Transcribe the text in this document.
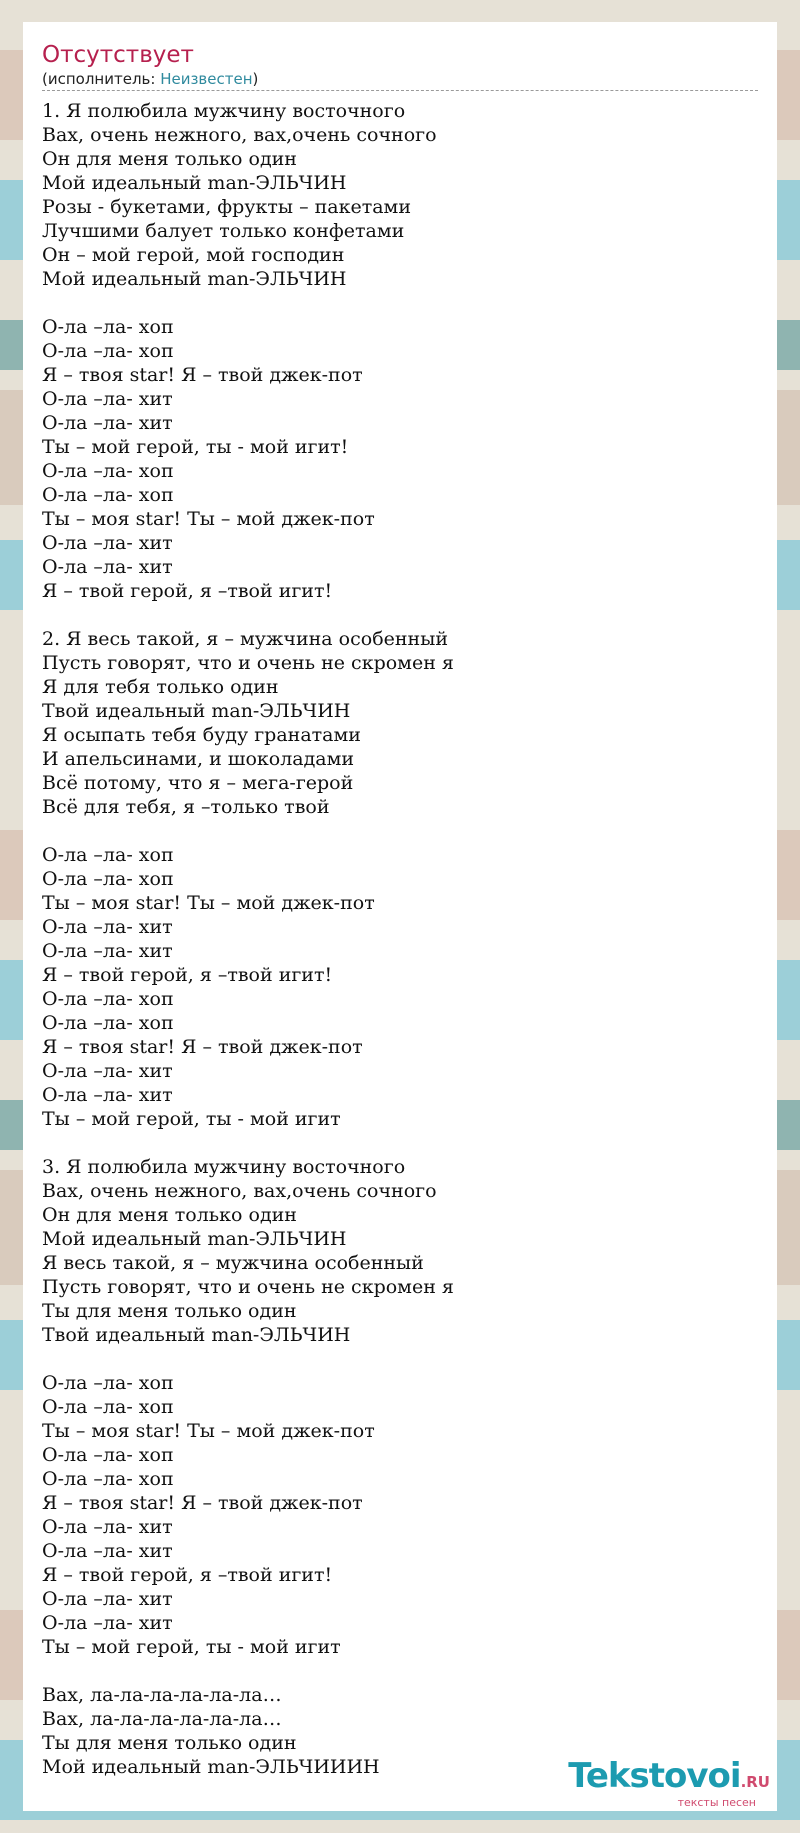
Отсутствует
(исполнитель: Неизвестен)
1. Я полюбила мужчину восточного
Вах, очень нежного, вах,очень сочного
Он для меня только один
Мой идеальный man-ЭЛЬЧИН
Розы - букетами, фрукты – пакетами
Лучшими балует только конфетами
Он – мой герой, мой господин
Мой идеальный man-ЭЛЬЧИН
О-ла –ла- хоп
О-ла –ла- хоп
Я – твоя star! Я – твой джек-пот
О-ла –ла- хит
О-ла –ла- хит
Ты – мой герой, ты - мой игит!
О-ла –ла- хоп
О-ла –ла- хоп
Ты – моя star! Ты – мой джек-пот
О-ла –ла- хит
О-ла –ла- хит
Я – твой герой, я –твой игит!
2. Я весь такой, я – мужчина особенный
Пусть говорят, что и очень не скромен я
Я для тебя только один
Твой идеальный man-ЭЛЬЧИН
Я осыпать тебя буду гранатами
И апельсинами, и шоколадами
Всё потому, что я – мега-герой
Всё для тебя, я –только твой
О-ла –ла- хоп
О-ла –ла- хоп
Ты – моя star! Ты – мой джек-пот
О-ла –ла- хит
О-ла –ла- хит
Я – твой герой, я –твой игит!
О-ла –ла- хоп
О-ла –ла- хоп
Я – твоя star! Я – твой джек-пот
О-ла –ла- хит
О-ла –ла- хит
Ты – мой герой, ты - мой игит
3. Я полюбила мужчину восточного
Вах, очень нежного, вах,очень сочного
Он для меня только один
Мой идеальный man-ЭЛЬЧИН
Я весь такой, я – мужчина особенный
Пусть говорят, что и очень не скромен я
Ты для меня только один
Твой идеальный man-ЭЛЬЧИН
О-ла –ла- хоп
О-ла –ла- хоп
Ты – моя star! Ты – мой джек-пот
О-ла –ла- хоп
О-ла –ла- хоп
Я – твоя star! Я – твой джек-пот
О-ла –ла- хит
О-ла –ла- хит
Я – твой герой, я –твой игит!
О-ла –ла- хит
О-ла –ла- хит
Ты – мой герой, ты - мой игит
Вах, ла-ла-ла-ла-ла-ла…
Вах, ла-ла-ла-ла-ла-ла…
Ты для меня только один
Мой идеальный man-ЭЛЬЧИИИН	Tekstovoi.RU
тексты песен
